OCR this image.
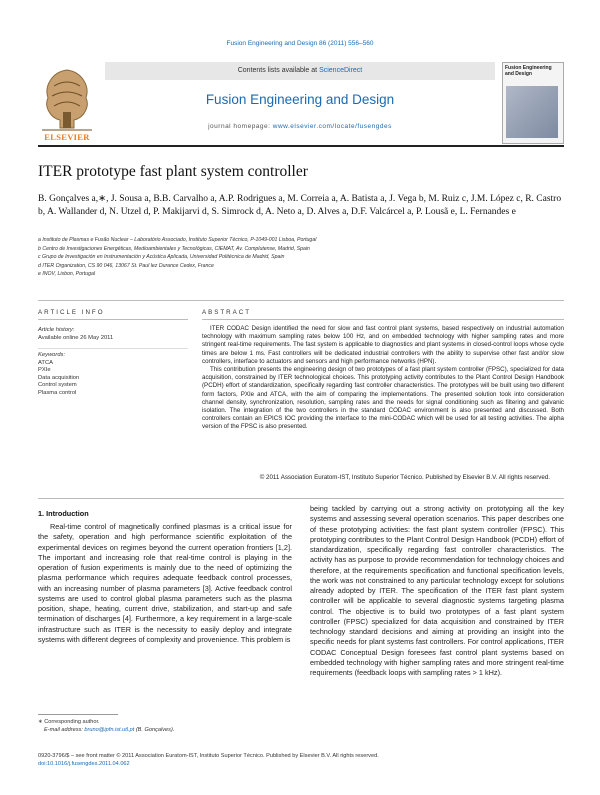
Fusion Engineering and Design 86 (2011) 556–560
ELSEVIER
Contents lists available at ScienceDirect
Fusion Engineering and Design
journal homepage: www.elsevier.com/locate/fusengdes
Fusion Engineering and Design
ITER prototype fast plant system controller
B. Gonçalves a,∗, J. Sousa a, B.B. Carvalho a, A.P. Rodrigues a, M. Correia a, A. Batista a, J. Vega b, M. Ruiz c, J.M. López c, R. Castro b, A. Wallander d, N. Utzel d, P. Makijarvi d, S. Simrock d, A. Neto a, D. Alves a, D.F. Valcárcel a, P. Lousã e, L. Fernandes e
a Instituto de Plasmas e Fusão Nuclear – Laboratório Associado, Instituto Superior Técnico, P-1049-001 Lisboa, Portugal
b Centro de Investigaciones Energéticas, Medioambientales y Tecnológicas, CIEMAT, Av. Complutense, Madrid, Spain
c Grupo de Investigación en Instrumentación y Acústica Aplicada, Universidad Politécnica de Madrid, Spain
d ITER Organization, CS 90 046, 13067 St. Paul lez Durance Cedex, France
e INOV, Lisbon, Portugal
ARTICLE INFO	ABSTRACT
Article history:
Available online 26 May 2011
Keywords:
ATCA
PXIe
Data acquisition
Control system
Plasma control

ITER CODAC Design identified the need for slow and fast control plant systems, based respectively on industrial automation technology with maximum sampling rates below 100 Hz, and on embedded technology with higher sampling rates and more stringent real-time requirements. The fast system is applicable to diagnostics and plant systems in closed-control loops whose cycle times are below 1 ms. Fast controllers will be dedicated industrial controllers with the ability to supervise other fast and/or slow controllers, interface to actuators and sensors and high performance networks (HPN).

This contribution presents the engineering design of two prototypes of a fast plant system controller (FPSC), specialized for data acquisition, constrained by ITER technological choices. This prototyping activity contributes to the Plant Control Design Handbook (PCDH) effort of standardization, specifically regarding fast controller characteristics. The prototypes will be built using two different form factors, PXIe and ATCA, with the aim of comparing the implementations. The presented solution took into consideration channel density, synchronization, resolution, sampling rates and the needs for signal conditioning such as filtering and galvanic isolation. The integration of the two controllers in the standard CODAC environment is also presented and discussed. Both controllers contain an EPICS IOC providing the interface to the mini-CODAC which will be used for all testing activities. The alpha version of the FPSC is also presented.

© 2011 Association Euratom-IST, Instituto Superior Técnico. Published by Elsevier B.V. All rights reserved.
1. Introduction

Real-time control of magnetically confined plasmas is a critical issue for the safety, operation and high performance scientific exploitation of the experimental devices on regimes beyond the current operation frontiers [1,2]. The important and increasing role that real-time control is playing in the operation of fusion experiments is mainly due to the need of optimizing the plasma performance which requires adequate feedback control processes, with an increasing number of plasma parameters [3]. Active feedback control systems are used to control global plasma parameters such as the plasma position, shape, heating, current drive, stabilization, and start-up and safe termination of discharges [4]. Furthermore, a key requirement in a large-scale infrastructure such as ITER is the necessity to easily deploy and integrate systems with different degrees of complexity and provenience. This problem is

being tackled by carrying out a strong activity on prototyping all the key systems and assessing several operation scenarios. This paper describes one of these prototyping activities: the fast plant system controller (FPSC). This prototyping contributes to the Plant Control Design Handbook (PCDH) effort of standardization, specifically regarding fast controller characteristics. The activity has as purpose to provide recommendation for technology choices and therefore, at the requirements specification and functional specification levels, the work was not constrained to any particular technology except for solutions already adopted by ITER. The specification of the ITER fast plant system controller will be applicable to several diagnostic systems targeting plasma control. The objective is to build two prototypes of a fast plant system controller (FPSC) specialized for data acquisition and constrained by ITER technology standard decisions and aiming at providing an insight into the specific needs for plant systems fast controllers. For control applications, ITER CODAC Conceptual Design foresees fast control plant systems based on embedded technology with higher sampling rates and more stringent real-time requirements (feedback loops with sampling rates > 1 kHz).

∗ Corresponding author.
E-mail address: bruno@ipfn.ist.utl.pt (B. Gonçalves).
0920-3796/$ – see front matter © 2011 Association Euratom-IST, Instituto Superior Técnico. Published by Elsevier B.V. All rights reserved.
doi:10.1016/j.fusengdes.2011.04.062
